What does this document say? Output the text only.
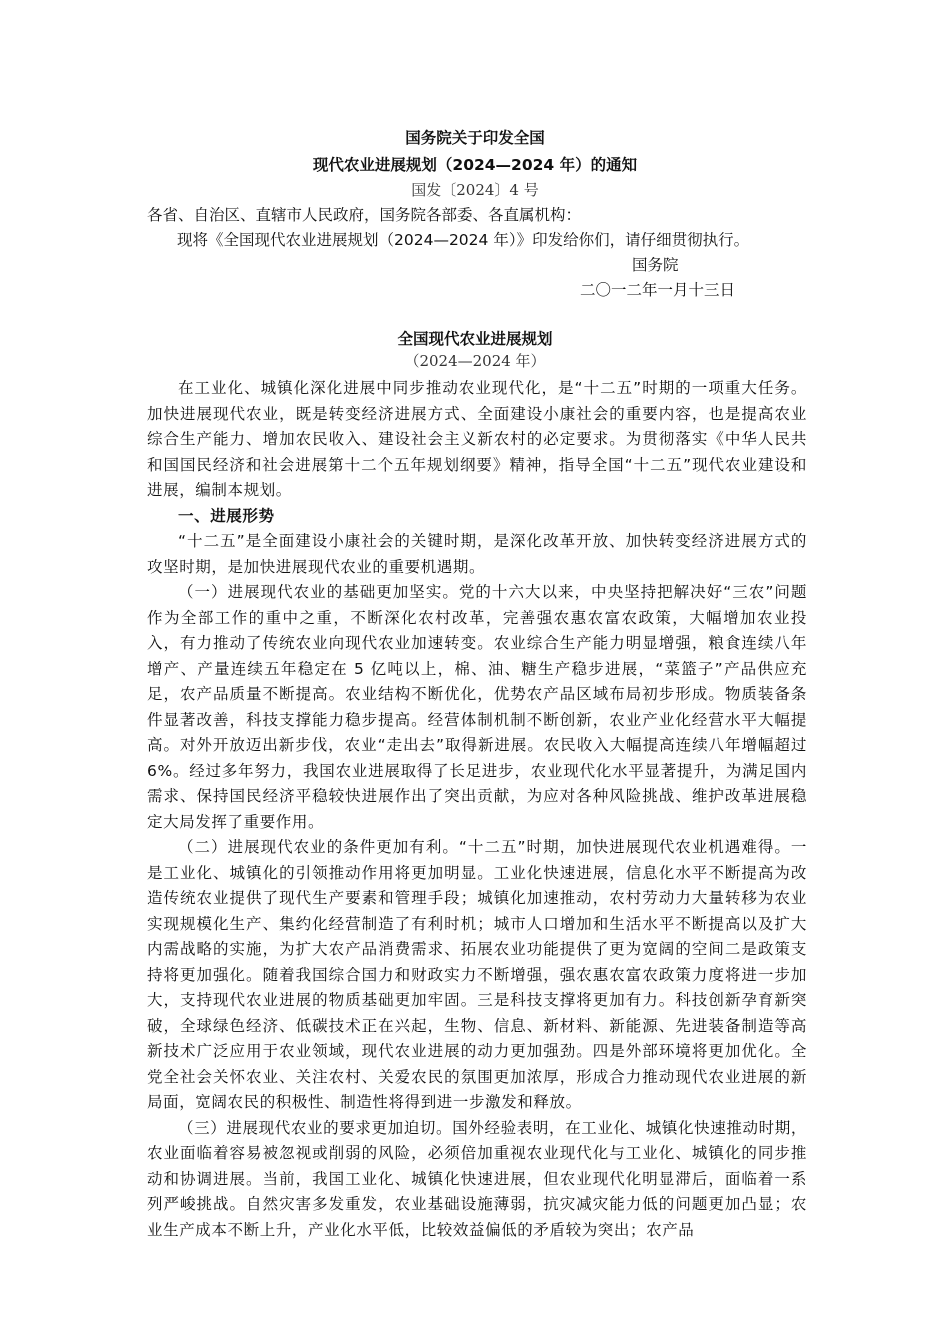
国务院关于印发全国
现代农业进展规划（2024—2024 年）的通知
国发〔2024〕4 号
各省、自治区、直辖市人民政府，国务院各部委、各直属机构：
现将《全国现代农业进展规划（2024—2024 年）》印发给你们，请仔细贯彻执行。
国务院
二〇一二年一月十三日
全国现代农业进展规划
（2024—2024 年）

在工业化、城镇化深化进展中同步推动农业现代化，是“十二五”时期的一项重大任务。加快进展现代农业，既是转变经济进展方式、全面建设小康社会的重要内容，也是提高农业综合生产能力、增加农民收入、建设社会主义新农村的必定要求。为贯彻落实《中华人民共和国国民经济和社会进展第十二个五年规划纲要》精神，指导全国“十二五”现代农业建设和进展，编制本规划。

一、进展形势

“十二五”是全面建设小康社会的关键时期，是深化改革开放、加快转变经济进展方式的攻坚时期，是加快进展现代农业的重要机遇期。

（一）进展现代农业的基础更加坚实。党的十六大以来，中央坚持把解决好“三农”问题作为全部工作的重中之重，不断深化农村改革，完善强农惠农富农政策，大幅增加农业投入，有力推动了传统农业向现代农业加速转变。农业综合生产能力明显增强，粮食连续八年增产、产量连续五年稳定在 5 亿吨以上，棉、油、糖生产稳步进展，“菜篮子”产品供应充足，农产品质量不断提高。农业结构不断优化，优势农产品区域布局初步形成。物质装备条件显著改善，科技支撑能力稳步提高。经营体制机制不断创新，农业产业化经营水平大幅提高。对外开放迈出新步伐，农业“走出去”取得新进展。农民收入大幅提高连续八年增幅超过 6%。经过多年努力，我国农业进展取得了长足进步，农业现代化水平显著提升，为满足国内需求、保持国民经济平稳较快进展作出了突出贡献，为应对各种风险挑战、维护改革进展稳定大局发挥了重要作用。

（二）进展现代农业的条件更加有利。“十二五”时期，加快进展现代农业机遇难得。一是工业化、城镇化的引领推动作用将更加明显。工业化快速进展，信息化水平不断提高为改造传统农业提供了现代生产要素和管理手段；城镇化加速推动，农村劳动力大量转移为农业实现规模化生产、集约化经营制造了有利时机；城市人口增加和生活水平不断提高以及扩大内需战略的实施，为扩大农产品消费需求、拓展农业功能提供了更为宽阔的空间二是政策支持将更加强化。随着我国综合国力和财政实力不断增强，强农惠农富农政策力度将进一步加大，支持现代农业进展的物质基础更加牢固。三是科技支撑将更加有力。科技创新孕育新突破，全球绿色经济、低碳技术正在兴起，生物、信息、新材料、新能源、先进装备制造等高新技术广泛应用于农业领域，现代农业进展的动力更加强劲。四是外部环境将更加优化。全党全社会关怀农业、关注农村、关爱农民的氛围更加浓厚，形成合力推动现代农业进展的新局面，宽阔农民的积极性、制造性将得到进一步激发和释放。

（三）进展现代农业的要求更加迫切。国外经验表明，在工业化、城镇化快速推动时期，农业面临着容易被忽视或削弱的风险，必须倍加重视农业现代化与工业化、城镇化的同步推动和协调进展。当前，我国工业化、城镇化快速进展，但农业现代化明显滞后，面临着一系列严峻挑战。自然灾害多发重发，农业基础设施薄弱，抗灾减灾能力低的问题更加凸显；农业生产成本不断上升，产业化水平低，比较效益偏低的矛盾较为突出；农产品
